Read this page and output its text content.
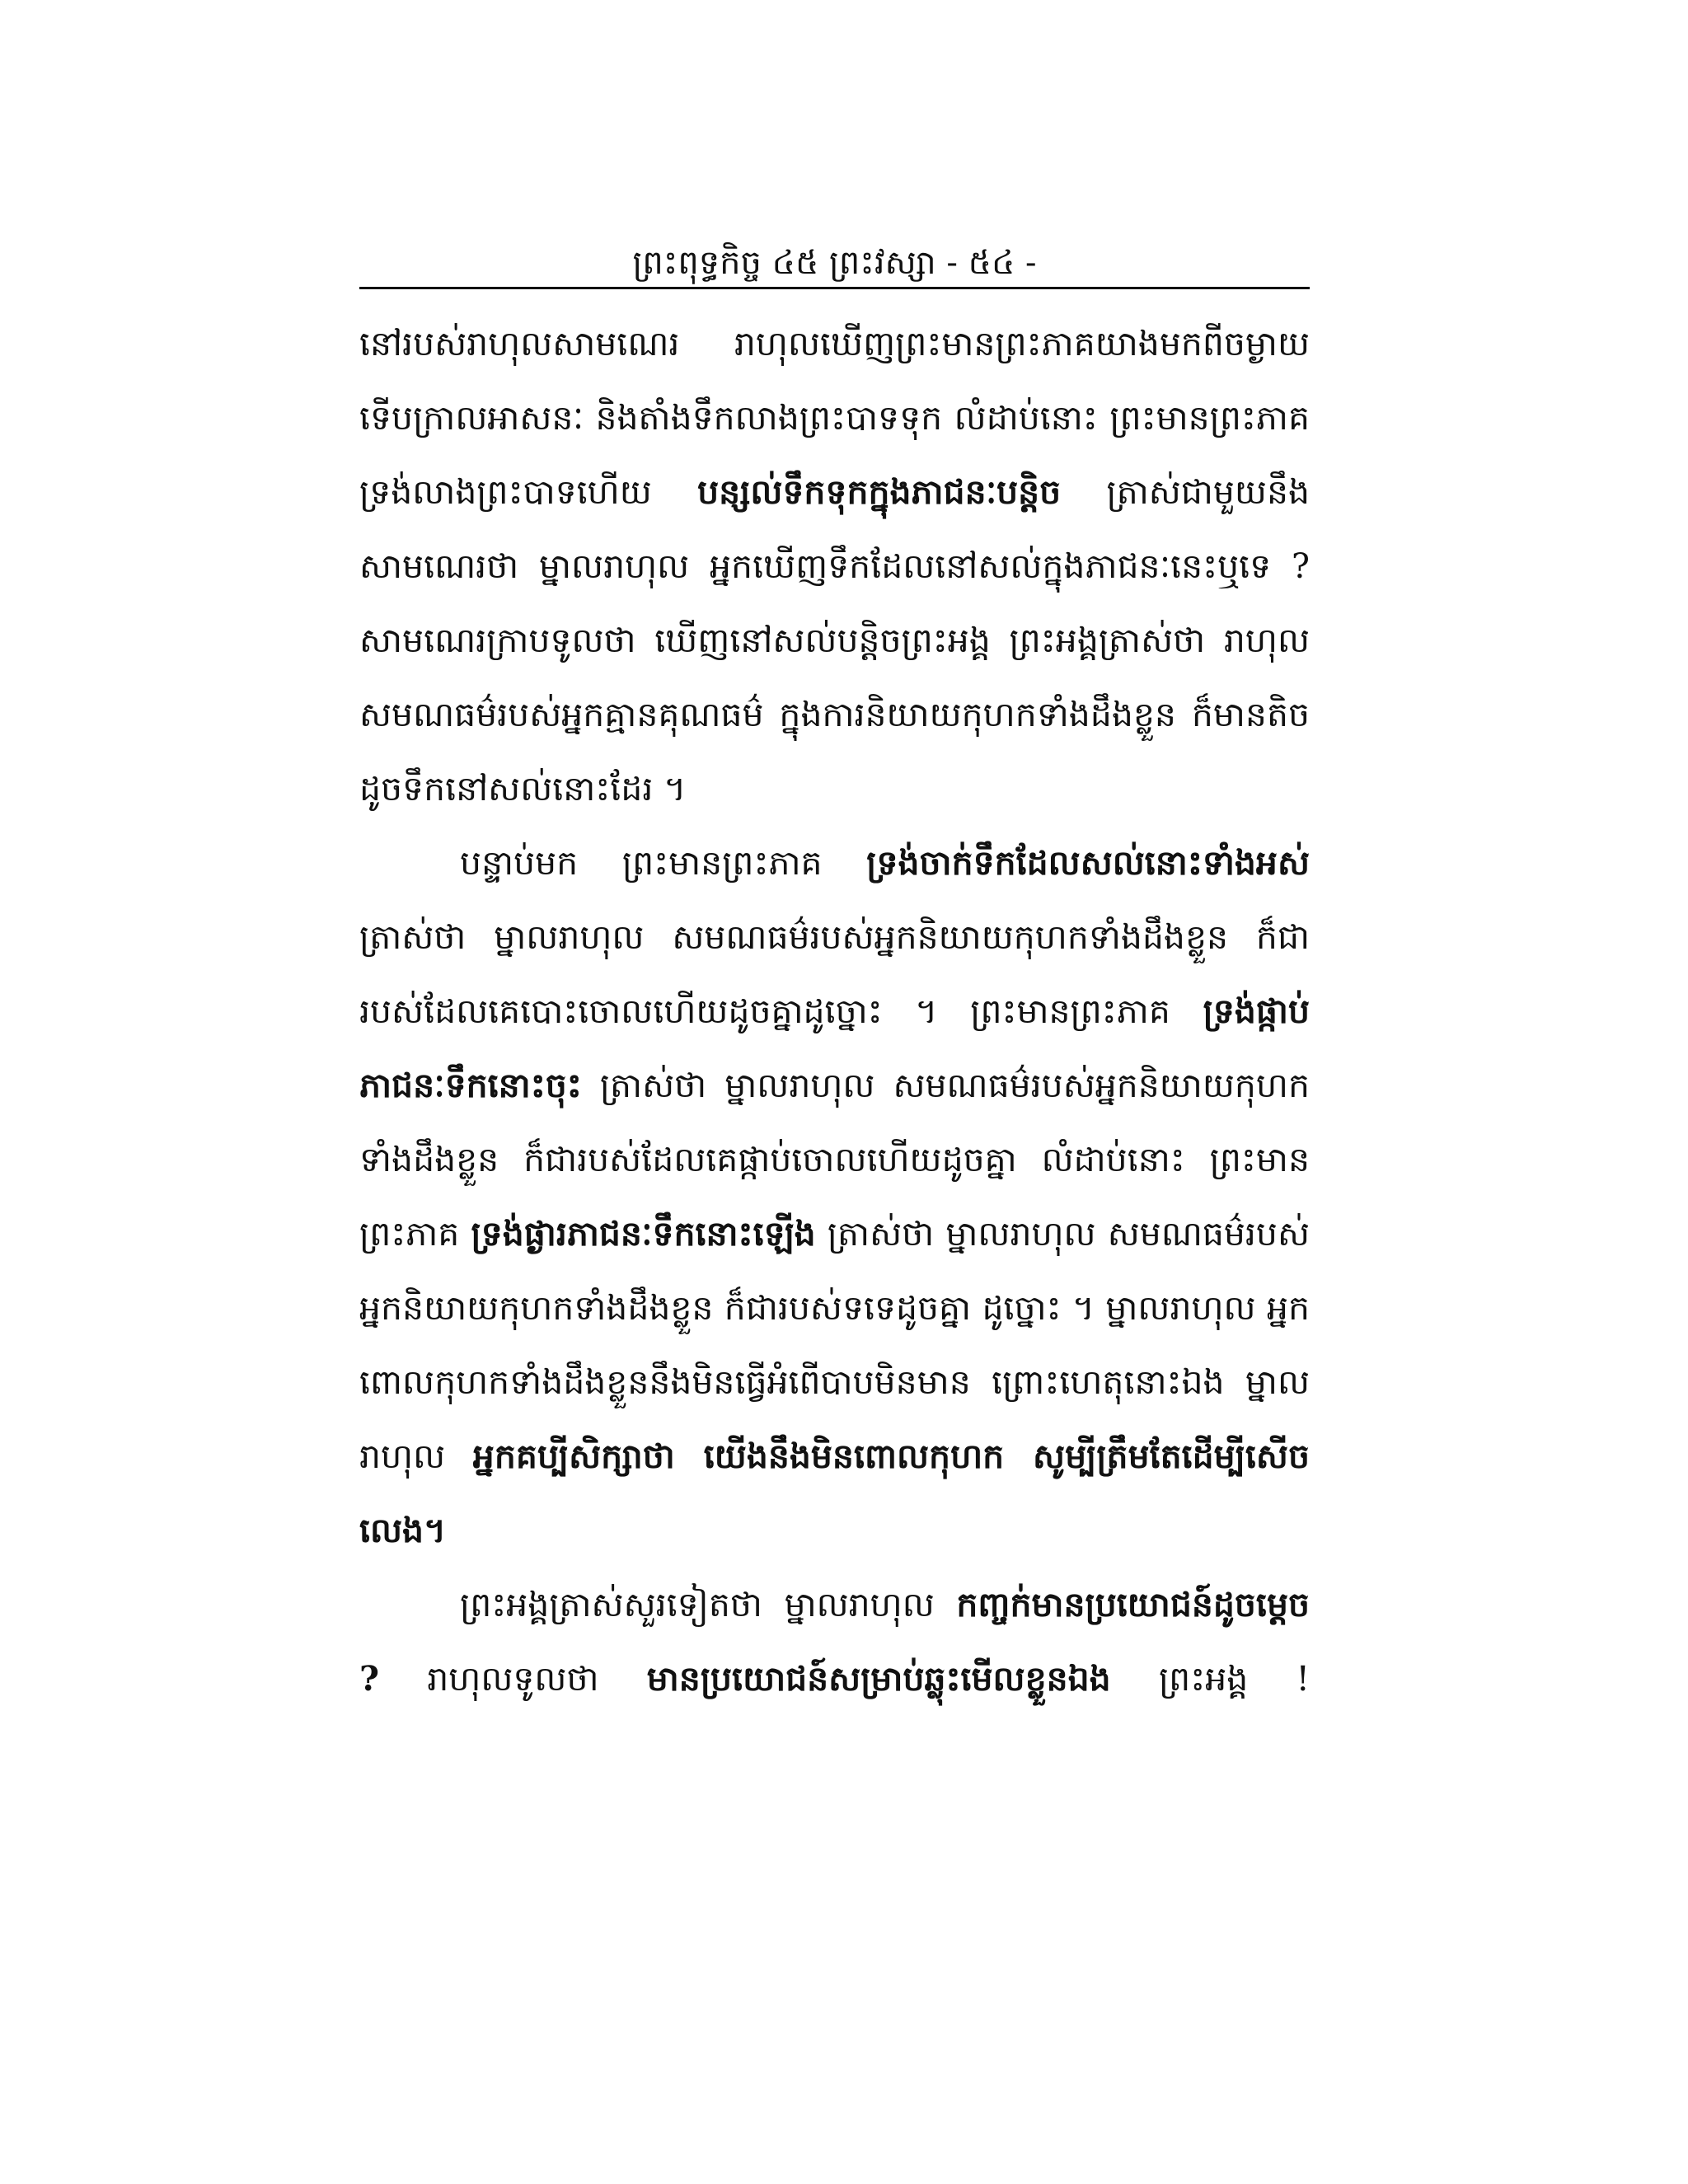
ព្រះពុទ្ធកិច្ច ៤៥ ព្រះវស្សា - ៥៤ -

នៅរបស់រាហុលសាមណេរ រាហុលឃើញព្រះមានព្រះភាគយាងមកពីចម្ងាយ ទើបក្រាលអាសនៈ និងតាំងទឹកលាងព្រះបាទទុក លំដាប់នោះ ព្រះមានព្រះភាគ ទ្រង់លាងព្រះបាទហើយ បន្សល់ទឹកទុកក្នុងភាជនៈបន្តិច ត្រាស់ជាមួយនឹង សាមណេរថា ម្នាលរាហុល អ្នកឃើញទឹកដែលនៅសល់ក្នុងភាជនៈនេះឬទេ ? សាមណេរក្រាបទូលថា ឃើញនៅសល់បន្តិចព្រះអង្គ ព្រះអង្គត្រាស់ថា រាហុល សមណធម៌របស់អ្នកគ្មានគុណធម៌ ក្នុងការនិយាយកុហកទាំងដឹងខ្លួន ក៏មានតិច ដូចទឹកនៅសល់នោះដែរ ។

បន្ទាប់មក ព្រះមានព្រះភាគ ទ្រង់ចាក់ទឹកដែលសល់នោះទាំងអស់ ត្រាស់ថា ម្នាលរាហុល សមណធម៌របស់អ្នកនិយាយកុហកទាំងដឹងខ្លួន ក៏ជារបស់ដែលគេបោះចោលហើយដូចគ្នាដូច្នោះ ។ ព្រះមានព្រះភាគ ទ្រង់ផ្កាប់ភាជនៈទឹកនោះចុះ ត្រាស់ថា ម្នាលរាហុល សមណធម៌របស់អ្នកនិយាយកុហកទាំងដឹងខ្លួន ក៏ជារបស់ដែលគេផ្កាប់ចោលហើយដូចគ្នា លំដាប់នោះ ព្រះមានព្រះភាគ ទ្រង់ផ្ងារភាជនៈទឹកនោះឡើង ត្រាស់ថា ម្នាលរាហុល សមណធម៌របស់អ្នកនិយាយកុហកទាំងដឹងខ្លួន ក៏ជារបស់ទទេដូចគ្នា ដូច្នោះ ។ ម្នាលរាហុល អ្នកពោលកុហកទាំងដឹងខ្លួននឹងមិនធ្វើអំពើបាបមិនមាន ព្រោះហេតុនោះឯង ម្នាលរាហុល អ្នកគប្បីសិក្សាថា យើងនឹងមិនពោលកុហក សូម្បីត្រឹមតែដើម្បីសើចលេង។

ព្រះអង្គត្រាស់សួរទៀតថា ម្នាលរាហុល កញ្ចក់មានប្រយោជន៍ដូចម្តេច ? រាហុលទូលថា មានប្រយោជន៍សម្រាប់ឆ្លុះមើលខ្លួនឯង ព្រះអង្គ !
